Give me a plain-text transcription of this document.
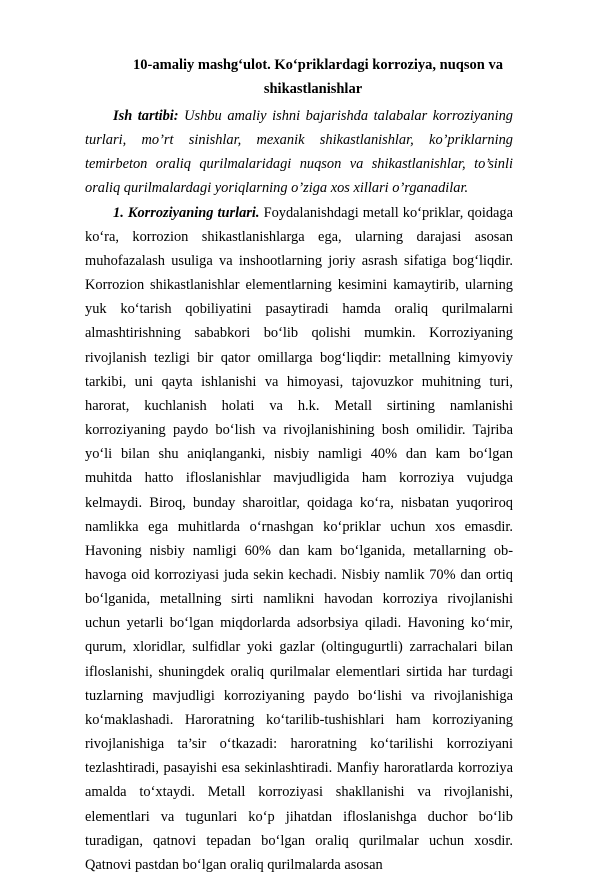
10-amaliy mashg‘ulot. Ko‘priklardagi korroziya, nuqson va
shikastlanishlar

Ish tartibi: Ushbu amaliy ishni bajarishda talabalar korroziyaning turlari, mo’rt sinishlar, mexanik shikastlanishlar, ko’priklarning temirbeton oraliq qurilmalaridagi nuqson va shikastlanishlar, to’sinli oraliq qurilmalardagi yoriqlarning o’ziga xos xillari o’rganadilar.

1. Korroziyaning turlari. Foydalanishdagi metall ko‘priklar, qoidaga ko‘ra, korrozion shikastlanishlarga ega, ularning darajasi asosan muhofazalash usuliga va inshootlarning joriy asrash sifatiga bog‘liqdir. Korrozion shikastlanishlar elementlarning kesimini kamaytirib, ularning yuk ko‘tarish qobiliyatini pasaytiradi hamda oraliq qurilmalarni almashtirishning sababkori bo‘lib qolishi mumkin. Korroziyaning rivojlanish tezligi bir qator omillarga bog‘liqdir: metallning kimyoviy tarkibi, uni qayta ishlanishi va himoyasi, tajovuzkor muhitning turi, harorat, kuchlanish holati va h.k. Metall sirtining namlanishi korroziyaning paydo bo‘lish va rivojlanishining bosh omilidir. Tajriba yo‘li bilan shu aniqlanganki, nisbiy namligi 40% dan kam bo‘lgan muhitda hatto ifloslanishlar mavjudligida ham korroziya vujudga kelmaydi. Biroq, bunday sharoitlar, qoidaga ko‘ra, nisbatan yuqoriroq namlikka ega muhitlarda o‘rnashgan ko‘priklar uchun xos emasdir. Havoning nisbiy namligi 60% dan kam bo‘lganida, metallarning ob-havoga oid korroziyasi juda sekin kechadi. Nisbiy namlik 70% dan ortiq bo‘lganida, metallning sirti namlikni havodan korroziya rivojlanishi uchun yetarli bo‘lgan miqdorlarda adsorbsiya qiladi. Havoning ko‘mir, qurum, xloridlar, sulfidlar yoki gazlar (oltingugurtli) zarrachalari bilan ifloslanishi, shuningdek oraliq qurilmalar elementlari sirtida har turdagi tuzlarning mavjudligi korroziyaning paydo bo‘lishi va rivojlanishiga ko‘maklashadi. Haroratning ko‘tarilib-tushishlari ham korroziyaning rivojlanishiga ta’sir o‘tkazadi: haroratning ko‘tarilishi korroziyani tezlashtiradi, pasayishi esa sekinlashtiradi. Manfiy haroratlarda korroziya amalda to‘xtaydi. Metall korroziyasi shakllanishi va rivojlanishi, elementlari va tugunlari ko‘p jihatdan ifloslanishga duchor bo‘lib turadigan, qatnovi tepadan bo‘lgan oraliq qurilmalar uchun xosdir. Qatnovi pastdan bo‘lgan oraliq qurilmalarda asosan
